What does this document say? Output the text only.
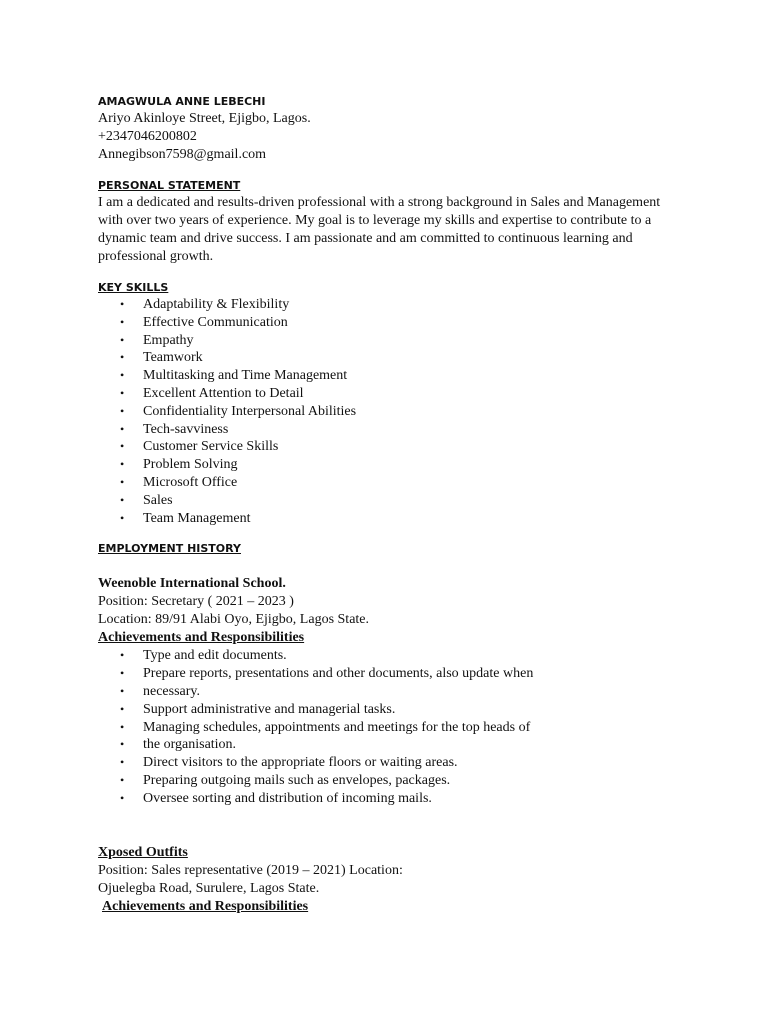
AMAGWULA ANNE LEBECHI

Ariyo Akinloye Street, Ejigbo, Lagos.

+2347046200802

Annegibson7598@gmail.com

PERSONAL STATEMENT

I am a dedicated and results-driven professional with a strong background in Sales and Management with over two years of experience. My goal is to leverage my skills and expertise to contribute to a dynamic team and drive success. I am passionate and am committed to continuous learning and professional growth.

KEY SKILLS

• Adaptability & Flexibility
• Effective Communication
• Empathy
• Teamwork
• Multitasking and Time Management
• Excellent Attention to Detail
• Confidentiality Interpersonal Abilities
• Tech-savviness
• Customer Service Skills
• Problem Solving
• Microsoft Office
• Sales
• Team Management

EMPLOYMENT HISTORY

Weenoble International School.

Position: Secretary ( 2021 – 2023 )

Location: 89/91 Alabi Oyo, Ejigbo, Lagos State.

Achievements and Responsibilities

• Type and edit documents.
• Prepare reports, presentations and other documents, also update when
• necessary.
• Support administrative and managerial tasks.
• Managing schedules, appointments and meetings for the top heads of
• the organisation.
• Direct visitors to the appropriate floors or waiting areas.
• Preparing outgoing mails such as envelopes, packages.
• Oversee sorting and distribution of incoming mails.

Xposed Outfits

Position: Sales representative (2019 – 2021) Location:

Ojuelegba Road, Surulere, Lagos State.

Achievements and Responsibilities
